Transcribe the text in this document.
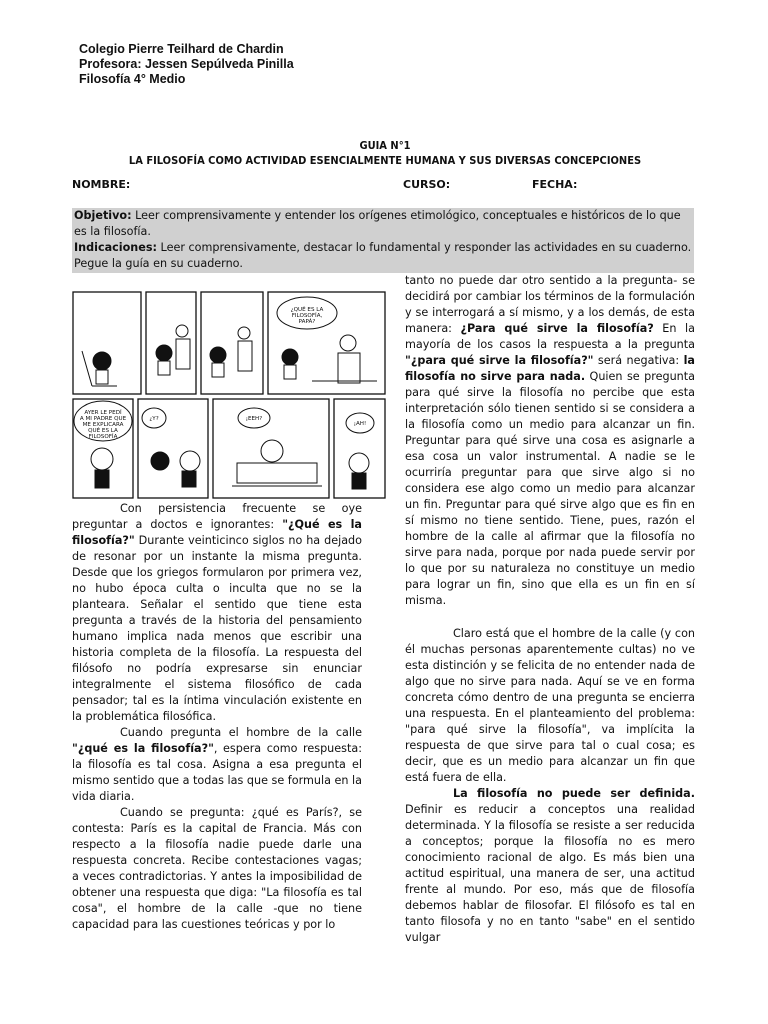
Colegio Pierre Teilhard de Chardin
Profesora: Jessen Sepúlveda Pinilla
Filosofía 4° Medio
GUIA N°1
LA FILOSOFÍA COMO ACTIVIDAD ESENCIALMENTE HUMANA Y SUS DIVERSAS CONCEPCIONES
NOMBRE:	CURSO:	FECHA:
Objetivo: Leer comprensivamente y entender los orígenes etimológico, conceptuales e históricos de lo que es la filosofía.
Indicaciones: Leer comprensivamente, destacar lo fundamental y responder las actividades en su cuaderno. Pegue la guía en su cuaderno.
¿QUÉ ES LA FILOSOFÍA, PAPÁ?
AYER LE PEDÍ A MI PADRE QUE ME EXPLICARA QUÉ ES LA FILOSOFÍA
¿Y?	¡EEH?
¡AH!

Con persistencia frecuente se oye preguntar a doctos e ignorantes: "¿Qué es la filosofía?" Durante veinticinco siglos no ha dejado de resonar por un instante la misma pregunta. Desde que los griegos formularon por primera vez, no hubo época culta o inculta que no se la planteara. Señalar el sentido que tiene esta pregunta a través de la historia del pensamiento humano implica nada menos que escribir una historia completa de la filosofía. La respuesta del filósofo no podría expresarse sin enunciar integralmente el sistema filosófico de cada pensador; tal es la íntima vinculación existente en la problemática filosófica.

Cuando pregunta el hombre de la calle "¿qué es la filosofía?", espera como respuesta: la filosofía es tal cosa. Asigna a esa pregunta el mismo sentido que a todas las que se formula en la vida diaria.

Cuando se pregunta: ¿qué es París?, se contesta: París es la capital de Francia. Más con respecto a la filosofía nadie puede darle una respuesta concreta. Recibe contestaciones vagas; a veces contradictorias. Y antes la imposibilidad de obtener una respuesta que diga: "La filosofía es tal cosa", el hombre de la calle -que no tiene capacidad para las cuestiones teóricas y por lo

tanto no puede dar otro sentido a la pregunta- se decidirá por cambiar los términos de la formulación y se interrogará a sí mismo, y a los demás, de esta manera: ¿Para qué sirve la filosofía? En la mayoría de los casos la respuesta a la pregunta "¿para qué sirve la filosofía?" será negativa: la filosofía no sirve para nada. Quien se pregunta para qué sirve la filosofía no percibe que esta interpretación sólo tienen sentido si se considera a la filosofía como un medio para alcanzar un fin. Preguntar para qué sirve una cosa es asignarle a esa cosa un valor instrumental. A nadie se le ocurriría preguntar para que sirve algo si no considera ese algo como un medio para alcanzar un fin. Preguntar para qué sirve algo que es fin en sí mismo no tiene sentido. Tiene, pues, razón el hombre de la calle al afirmar que la filosofía no sirve para nada, porque por nada puede servir por lo que por su naturaleza no constituye un medio para lograr un fin, sino que ella es un fin en sí misma.

Claro está que el hombre de la calle (y con él muchas personas aparentemente cultas) no ve esta distinción y se felicita de no entender nada de algo que no sirve para nada. Aquí se ve en forma concreta cómo dentro de una pregunta se encierra una respuesta. En el planteamiento del problema: "para qué sirve la filosofía", va implícita la respuesta de que sirve para tal o cual cosa; es decir, que es un medio para alcanzar un fin que está fuera de ella.

La filosofía no puede ser definida. Definir es reducir a conceptos una realidad determinada. Y la filosofía se resiste a ser reducida a conceptos; porque la filosofía no es mero conocimiento racional de algo. Es más bien una actitud espiritual, una manera de ser, una actitud frente al mundo. Por eso, más que de filosofía debemos hablar de filosofar. El filósofo es tal en tanto filosofa y no en tanto "sabe" en el sentido vulgar
